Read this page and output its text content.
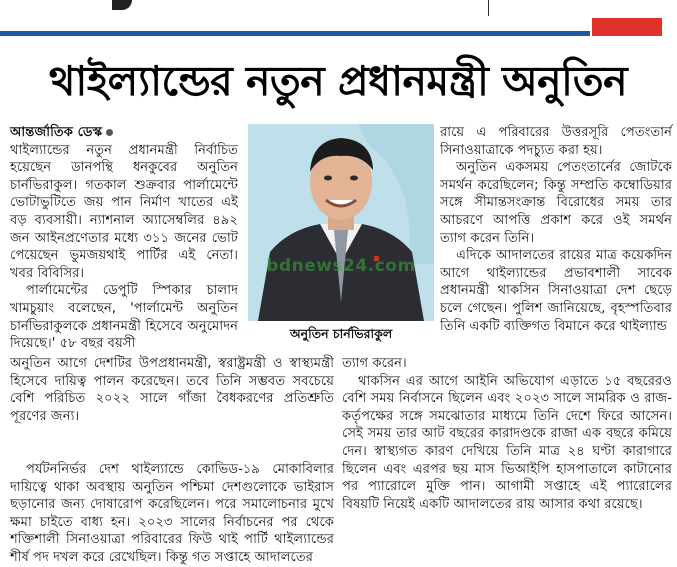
থাইল্যান্ডের নতুন প্রধানমন্ত্রী অনুতিন

আন্তর্জাতিক ডেস্ক

থাইল্যান্ডের নতুন প্রধানমন্ত্রী নির্বাচিত হয়েছেন ডানপন্থি ধনকুবের অনুতিন চার্নভিরাকুল। গতকাল শুক্রবার পার্লামেন্টে ভোটাভুটিতে জয় পান নির্মাণ খাতের এই বড় ব্যবসায়ী। ন্যাশনাল অ্যাসেম্বলির ৪৯২ জন আইনপ্রণেতার মধ্যে ৩১১ জনের ভোট পেয়েছেন ভুমজয়থাই পার্টির এই নেতা। খবর বিবিসির।

পার্লামেন্টের ডেপুটি স্পিকার চালাদ খামচুয়াং বলেছেন, 'পার্লামেন্ট অনুতিন চার্নভিরাকুলকে প্রধানমন্ত্রী হিসেবে অনুমোদন দিয়েছে।' ৫৮ বছর বয়সী

bdnews24.com
অনুতিন চার্নভিরাকুল

রায়ে এ পরিবারের উত্তরসূরি পেতংতার্ন সিনাওয়াত্রাকে পদচ্যুত করা হয়।

অনুতিন একসময় পেতংতার্নের জোটকে সমর্থন করেছিলেন; কিন্তু সম্প্রতি কম্বোডিয়ার সঙ্গে সীমান্তসংক্রান্ত বিরোধের সময় তার আচরণে আপত্তি প্রকাশ করে ওই সমর্থন ত্যাগ করেন তিনি।

এদিকে আদালতের রায়ের মাত্র কয়েকদিন আগে থাইল্যান্ডের প্রভাবশালী সাবেক প্রধানমন্ত্রী থাকসিন সিনাওয়াত্রা দেশ ছেড়ে চলে গেছেন। পুলিশ জানিয়েছে, বৃহস্পতিবার তিনি একটি ব্যক্তিগত বিমানে করে থাইল্যান্ড

অনুতিন আগে দেশটির উপপ্রধানমন্ত্রী, স্বরাষ্ট্রমন্ত্রী ও স্বাস্থ্যমন্ত্রী হিসেবে দায়িত্ব পালন করেছেন। তবে তিনি সম্ভবত সবচেয়ে বেশি পরিচিত ২০২২ সালে গাঁজা বৈধকরণের প্রতিশ্রুতি পূরণের জন্য।

পর্যটননির্ভর দেশ থাইল্যান্ডে কোভিড-১৯ মোকাবিলার দায়িত্বে থাকা অবস্থায় অনুতিন পশ্চিমা দেশগুলোকে ভাইরাস ছড়ানোর জন্য দোষারোপ করেছিলেন। পরে সমালোচনার মুখে ক্ষমা চাইতে বাধ্য হন। ২০২৩ সালের নির্বাচনের পর থেকে শক্তিশালী সিনাওয়াত্রা পরিবারের ফিউ থাই পার্টি থাইল্যান্ডের শীর্ষ পদ দখল করে রেখেছিল। কিন্তু গত সপ্তাহে আদালতের

ত্যাগ করেন।

থাকসিন এর আগে আইনি অভিযোগ এড়াতে ১৫ বছরেরও বেশি সময় নির্বাসনে ছিলেন এবং ২০২৩ সালে সামরিক ও রাজ-কর্তৃপক্ষের সঙ্গে সমঝোতার মাধ্যমে তিনি দেশে ফিরে আসেন। সেই সময় তার আট বছরের কারাদণ্ডকে রাজা এক বছরে কমিয়ে দেন। স্বাস্থ্যগত কারণ দেখিয়ে তিনি মাত্র ২৪ ঘণ্টা কারাগারে ছিলেন এবং এরপর ছয় মাস ভিআইপি হাসপাতালে কাটানোর পর প্যারোলে মুক্তি পান। আগামী সপ্তাহে এই প্যারোলের বিষয়টি নিয়েই একটি আদালতের রায় আসার কথা রয়েছে।
